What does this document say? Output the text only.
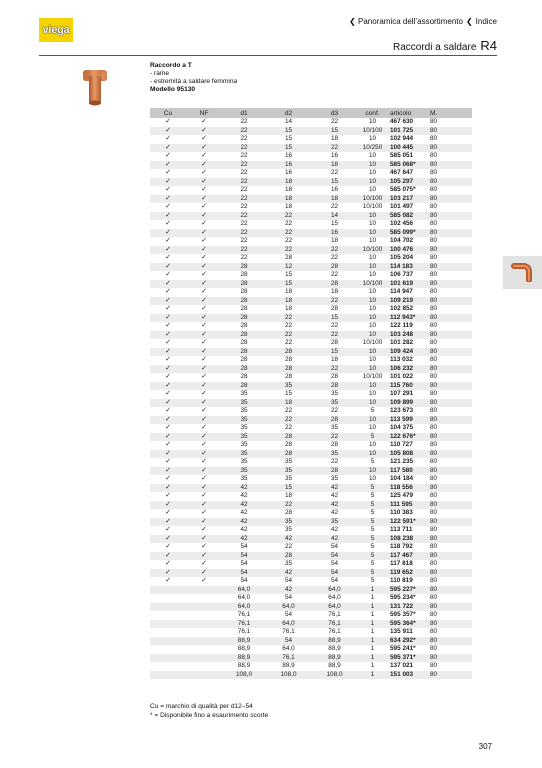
viega
❮ Panoramica dell’assortimento ❮ Indice
Raccordi a saldare R4
Raccordo a T
- rame
- estremità a saldare femmina
Modello 95130
Cu	NF	d1	d2	d3	conf.	articolo	M.
✓	✓	22	14	22	10	467 630	80
✓	✓	22	15	15	10/100	101 725	80
✓	✓	22	15	18	10	102 944	80
✓	✓	22	15	22	10/250	100 445	80
✓	✓	22	16	16	10	585 051	80
✓	✓	22	16	18	10	585 068*	80
✓	✓	22	16	22	10	467 647	80
✓	✓	22	18	15	10	105 297	80
✓	✓	22	18	16	10	585 075*	80
✓	✓	22	18	18	10/100	103 217	80
✓	✓	22	18	22	10/100	101 497	80
✓	✓	22	22	14	10	585 082	80
✓	✓	22	22	15	10	102 456	80
✓	✓	22	22	16	10	585 099*	80
✓	✓	22	22	18	10	104 702	80
✓	✓	22	22	22	10/100	100 476	80
✓	✓	22	28	22	10	105 204	80
✓	✓	28	12	28	10	114 183	80
✓	✓	28	15	22	10	106 737	80
✓	✓	28	15	28	10/100	101 619	80
✓	✓	28	18	18	10	114 947	80
✓	✓	28	18	22	10	109 219	80
✓	✓	28	18	28	10	102 852	80
✓	✓	28	22	15	10	112 943*	80
✓	✓	28	22	22	10	122 119	80
✓	✓	28	22	22	10	103 248	80
✓	✓	28	22	28	10/100	101 282	80
✓	✓	28	28	15	10	109 424	80
✓	✓	28	28	18	10	113 032	80
✓	✓	28	28	22	10	106 232	80
✓	✓	28	28	28	10/100	101 022	80
✓	✓	28	35	28	10	115 760	80
✓	✓	35	15	35	10	107 291	80
✓	✓	35	18	35	10	109 899	80
✓	✓	35	22	22	5	123 673	80
✓	✓	35	22	28	10	113 599	80
✓	✓	35	22	35	10	104 375	80
✓	✓	35	28	22	5	122 676*	80
✓	✓	35	28	28	10	110 727	80
✓	✓	35	28	35	10	105 808	80
✓	✓	35	35	22	5	121 235	80
✓	✓	35	35	28	10	117 580	80
✓	✓	35	35	35	10	104 184	80
✓	✓	42	15	42	5	118 556	80
✓	✓	42	18	42	5	125 479	80
✓	✓	42	22	42	5	111 595	80
✓	✓	42	28	42	5	110 383	80
✓	✓	42	35	35	5	122 591*	80
✓	✓	42	35	42	5	113 711	80
✓	✓	42	42	42	5	108 238	80
✓	✓	54	22	54	5	118 792	80
✓	✓	54	28	54	5	117 467	80
✓	✓	54	35	54	5	117 818	80
✓	✓	54	42	54	5	119 652	80
✓	✓	54	54	54	5	110 819	80
		64,0	42	64,0	1	595 227*	80
		64,0	54	64,0	1	595 234*	80
		64,0	64,0	64,0	1	131 722	80
		76,1	54	76,1	1	595 357*	80
		76,1	64,0	76,1	1	595 364*	80
		76,1	76,1	76,1	1	135 911	80
		88,9	54	88,9	1	634 292*	80
		88,9	64,0	88,9	1	595 241*	80
		88,9	76,1	88,9	1	595 371*	80
		88,9	88,9	88,9	1	137 021	80
		108,0	108,0	108,0	1	151 003	80
Cu = marchio di qualità per d12–54
* = Disponibile fino a esaurimento scorte
307
